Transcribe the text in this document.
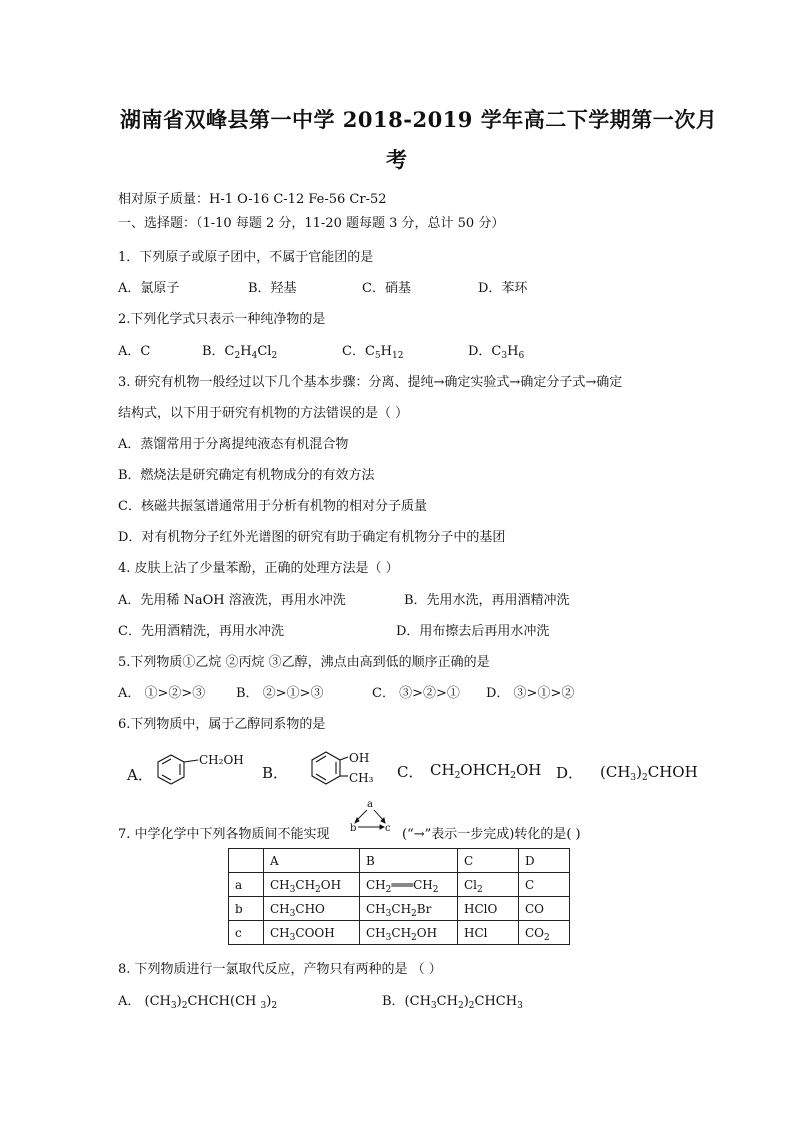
湖南省双峰县第一中学 2018-2019 学年高二下学期第一次月
考
相对原子质量：H-1 O-16 C-12 Fe-56 Cr-52
一、选择题：（1-10 每题 2 分，11-20 题每题 3 分，总计 50 分）
1．下列原子或原子团中，不属于官能团的是
A．氯原子	B．羟基	C．硝基	D．苯环
2.下列化学式只表示一种纯净物的是
A．C	B．$C_2H_4Cl_2$	C．$C_5H_{12}$	D．$C_3H_6$
3. 研究有机物一般经过以下几个基本步骤：分离、提纯→确定实验式→确定分子式→确定
结构式，以下用于研究有机物的方法错误的是（ ）
A．蒸馏常用于分离提纯液态有机混合物
B．燃烧法是研究确定有机物成分的有效方法
C．核磁共振氢谱通常用于分析有机物的相对分子质量
D．对有机物分子红外光谱图的研究有助于确定有机物分子中的基团
4. 皮肤上沾了少量苯酚，正确的处理方法是（ ）
A．先用稀 NaOH 溶液洗，再用水冲洗	B．先用水洗，再用酒精冲洗
C．先用酒精洗，再用水冲洗	D．用布擦去后再用水冲洗
5.下列物质①乙烷 ②丙烷 ③乙醇，沸点由高到低的顺序正确的是
A． ①>②>③ B． ②>①>③	C． ③>②>① D． ③>①>②
6.下列物质中，属于乙醇同系物的是
A．
CH₂OH
B．
OH
CH₃ C． $CH_2OHCH_2OH$ D． $(CH_3)_2CHOH$
7. 中学化学中下列各物质间不能实现
a
b	c (“→”表示一步完成)转化的是( )
	A	B	C	D
a	$CH_3CH_2OH$	$CH_2═══CH_2$	$Cl_2$	C
b	$CH_3CHO$	$CH_3CH_2Br$	HClO	CO
c	$CH_3COOH$	$CH_3CH_2OH$	HCl	$CO_2$
8. 下列物质进行一氯取代反应，产物只有两种的是 （ ）
A． $(CH_3)_2CHCH(CH$ $_3)_2$	B．$(CH_3CH_2)_2CHCH_3$
